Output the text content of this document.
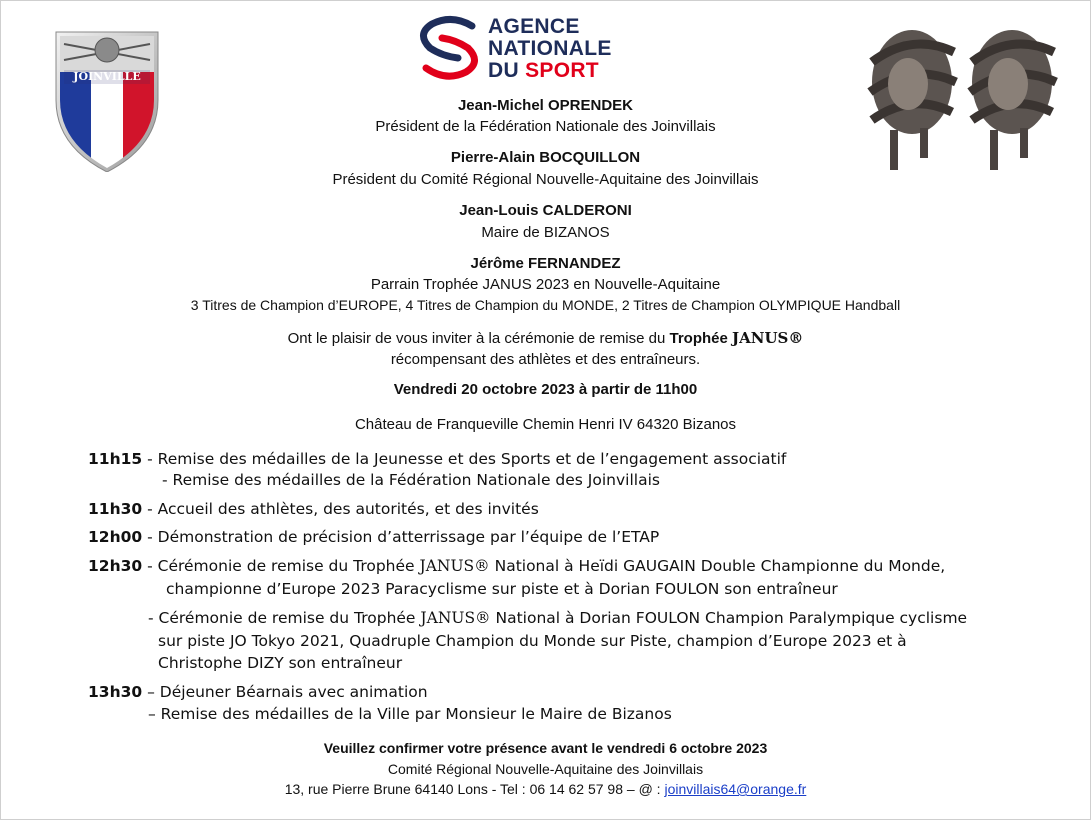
JOINVILLE
AGENCE
NATIONALE
DU SPORT
Jean-Michel OPRENDEK
Président de la Fédération Nationale des Joinvillais
Pierre-Alain BOCQUILLON
Président du Comité Régional Nouvelle-Aquitaine des Joinvillais
Jean-Louis CALDERONI
Maire de BIZANOS
Jérôme FERNANDEZ
Parrain Trophée JANUS 2023 en Nouvelle-Aquitaine
3 Titres de Champion d’EUROPE, 4 Titres de Champion du MONDE, 2 Titres de Champion OLYMPIQUE Handball
Ont le plaisir de vous inviter à la cérémonie de remise du Trophée JANUS®
récompensant des athlètes et des entraîneurs.
Vendredi 20 octobre 2023 à partir de 11h00
Château de Franqueville Chemin Henri IV 64320 Bizanos
11h15 - Remise des médailles de la Jeunesse et des Sports et de l’engagement associatif
- Remise des médailles de la Fédération Nationale des Joinvillais
11h30 - Accueil des athlètes, des autorités, et des invités
12h00 - Démonstration de précision d’atterrissage par l’équipe de l’ETAP
12h30 - Cérémonie de remise du Trophée JANUS® National à Heïdi GAUGAIN Double Championne du Monde,
championne d’Europe 2023 Paracyclisme sur piste et à Dorian FOULON son entraîneur
- Cérémonie de remise du Trophée JANUS® National à Dorian FOULON Champion Paralympique cyclisme
sur piste JO Tokyo 2021, Quadruple Champion du Monde sur Piste, champion d’Europe 2023 et à
Christophe DIZY son entraîneur
13h30 – Déjeuner Béarnais avec animation
– Remise des médailles de la Ville par Monsieur le Maire de Bizanos
Veuillez confirmer votre présence avant le vendredi 6 octobre 2023
Comité Régional Nouvelle-Aquitaine des Joinvillais
13, rue Pierre Brune 64140 Lons - Tel : 06 14 62 57 98 – @ : joinvillais64@orange.fr
